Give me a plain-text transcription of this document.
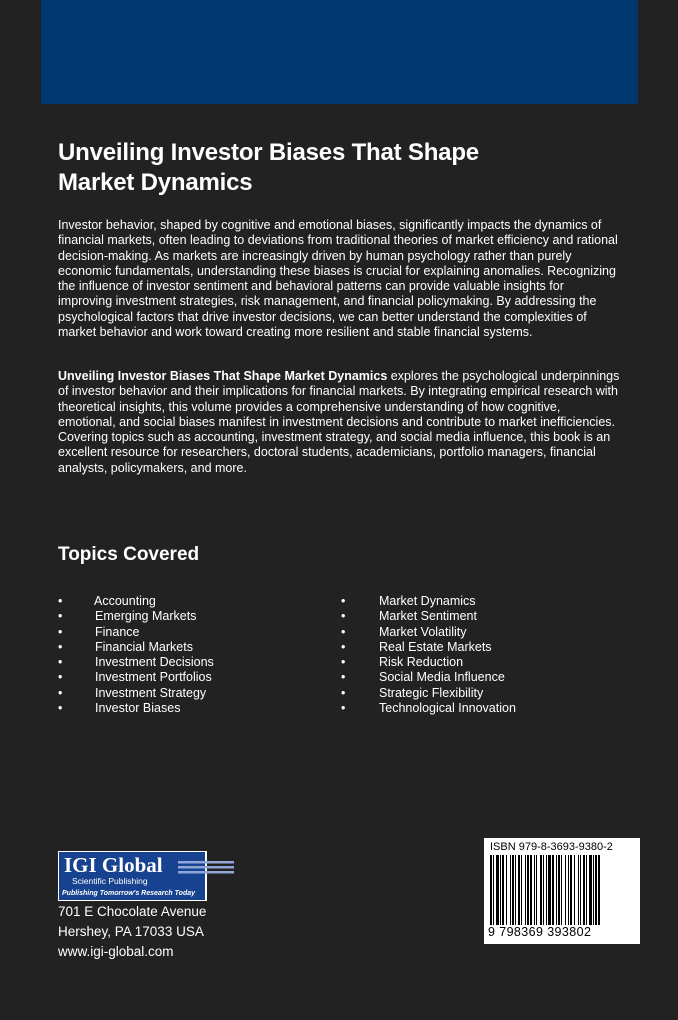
Unveiling Investor Biases That Shape
Market Dynamics

Investor behavior, shaped by cognitive and emotional biases, significantly impacts the dynamics of financial markets, often leading to deviations from traditional theories of market efficiency and rational decision-making. As markets are increasingly driven by human psychology rather than purely economic fundamentals, understanding these biases is crucial for explaining anomalies. Recognizing the influence of investor sentiment and behavioral patterns can provide valuable insights for improving investment strategies, risk management, and financial policymaking. By addressing the psychological factors that drive investor decisions, we can better understand the complexities of market behavior and work toward creating more resilient and stable financial systems.

Unveiling Investor Biases That Shape Market Dynamics explores the psychological underpinnings of investor behavior and their implications for financial markets. By integrating empirical research with theoretical insights, this volume provides a comprehensive understanding of how cognitive, emotional, and social biases manifest in investment decisions and contribute to market inefficiencies. Covering topics such as accounting, investment strategy, and social media influence, this book is an excellent resource for researchers, doctoral students, academicians, portfolio managers, financial analysts, policymakers, and more.

Topics Covered
•	Accounting
•	Emerging Markets
•	Finance
•	Financial Markets
•	Investment Decisions
•	Investment Portfolios
•	Investment Strategy
•	Investor Biases
•	Market Dynamics
•	Market Sentiment
•	Market Volatility
•	Real Estate Markets
•	Risk Reduction
•	Social Media Influence
•	Strategic Flexibility
•	Technological Innovation
IGI Global
Scientific Publishing
Publishing Tomorrow's Research Today

701 E Chocolate Avenue

Hershey, PA 17033 USA

www.igi-global.com

ISBN 979-8-3693-9380-2
9 798369 393802
